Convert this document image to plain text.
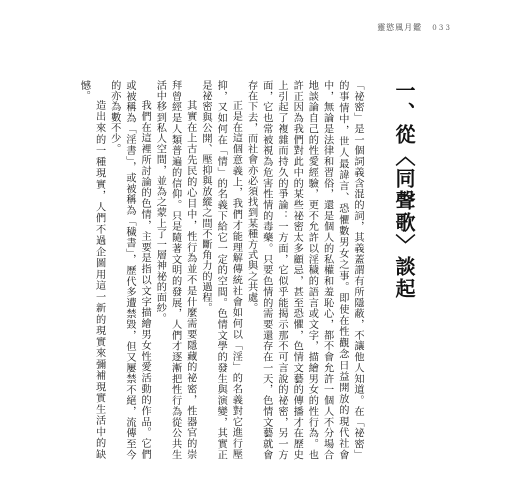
靈慾風月鑑 0 3 3
一、從〈同聲歌〉談起

「祕密」是一個詞義含混的詞，其義蓋謂有所隱蔽，不讓他人知道。在「祕密」的事情中，世人最諱言、恐懼數男女之事。即使在性觀念日益開放的現代社會中，無論是法律和習俗，還是個人的私權和羞恥心，都不會允許一個人不分場合地談論自己的性愛經驗，更不允許以淫穢的語言或文字，描繪男女的性行為。也許正因為我們對此中的某些祕密太多顧忌，甚至恐懼，色情文藝的傳播才在歷史上引起了複雜而持久的爭論：一方面，它似乎能揭示那不可言說的祕密，另一方面，它也常被視為危害性情的毒藥。只要色情的需要還存在一天，色情文藝就會存在下去，而社會亦必須找到某種方式與之共處。

正是在這個意義上，我們才能理解傳統社會如何以「淫」的名義對它進行壓抑，又如何在「情」的名義下給它一定的空間。色情文學的發生與演變，其實正是祕密與公開、壓抑與放縱之間不斷角力的過程。

其實在上古先民的心目中，性行為並不是什麼需要隱藏的祕密，性器官的崇拜曾經是人類普遍的信仰。只是隨著文明的發展，人們才逐漸把性行為從公共生活中移到私人空間，並為之蒙上了一層神祕的面紗。

我們在這裡所討論的色情，主要是指以文字描繪男女性愛活動的作品。它們或被稱為「淫書」，或被稱為「穢書」，歷代多遭禁毀，但又屢禁不絕，流傳至今的亦為數不少。

造出來的一種現實，人們不過企圖用這一新的現實來彌補現實生活中的缺憾。
